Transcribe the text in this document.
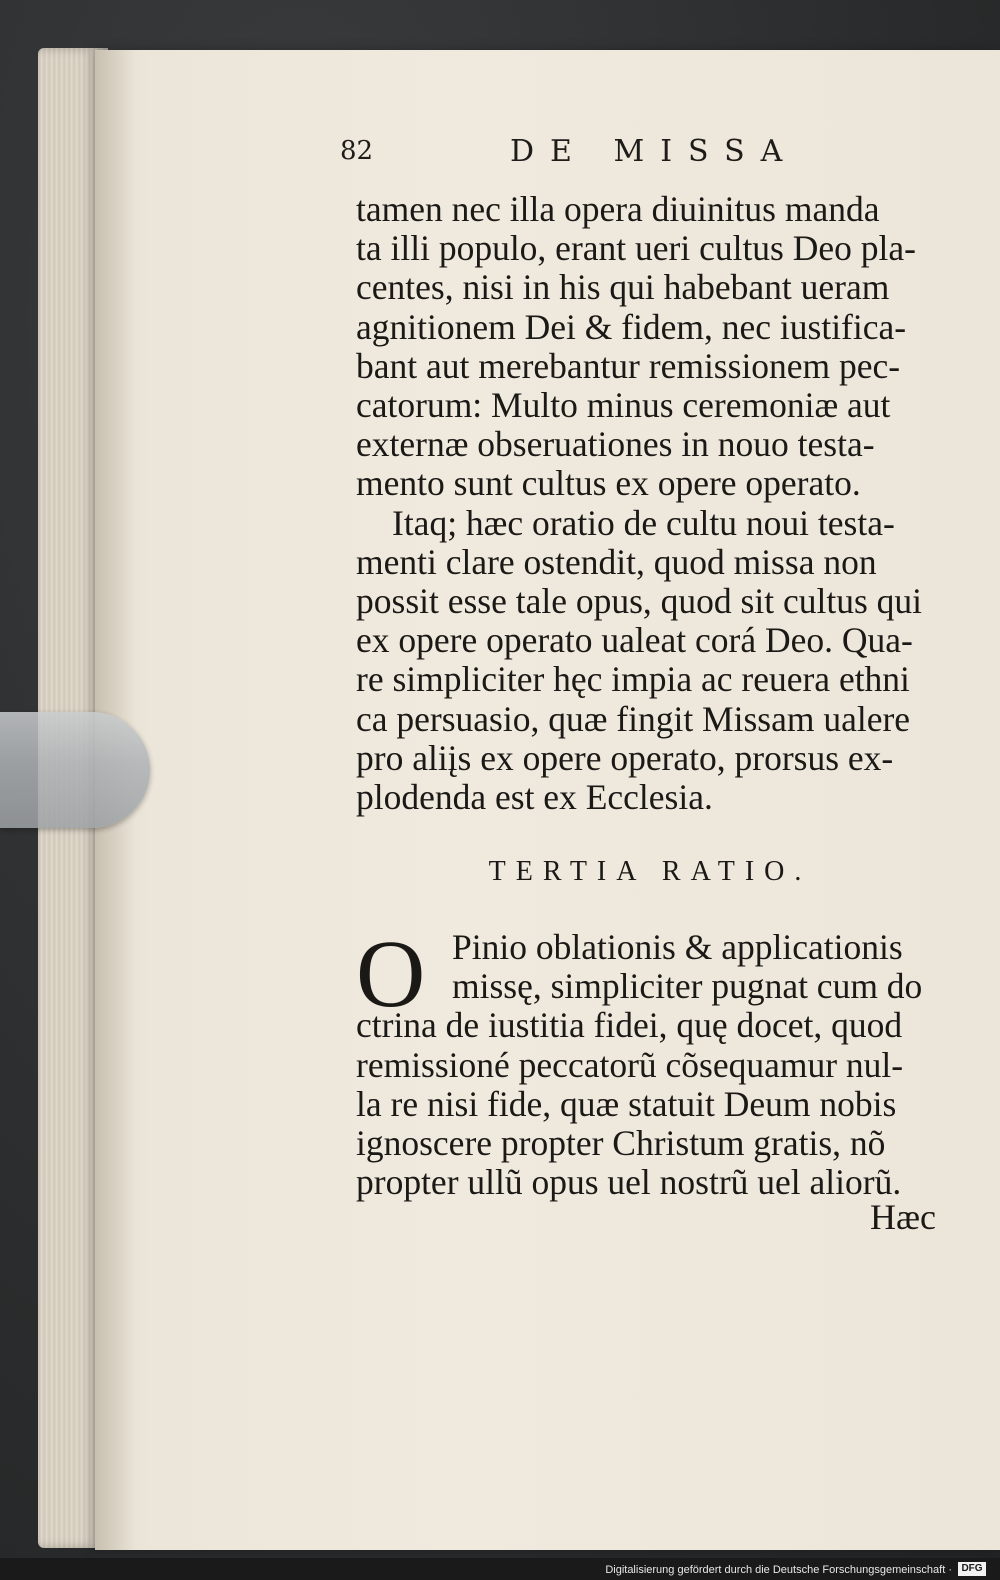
82	DE MISSA
tamen nec illa opera diuinitus manda
ta illi populo, erant ueri cultus Deo pla-
centes, nisi in his qui habebant ueram
agnitionem Dei & fidem, nec iustifica-
bant aut merebantur remissionem pec-
catorum: Multo minus ceremoniæ aut
externæ obseruationes in nouo testa-
mento sunt cultus ex opere operato.
Itaq; hæc oratio de cultu noui testa-
menti clare ostendit, quod missa non
possit esse tale opus, quod sit cultus qui
ex opere operato ualeat corá Deo. Qua-
re simpliciter hęc impia ac reuera ethni
ca persuasio, quæ fingit Missam ualere
pro aliįs ex opere operato, prorsus ex-
plodenda est ex Ecclesia.
TERTIA RATIO.
O Pinio oblationis & applicationis
missę, simpliciter pugnat cum do
ctrina de iustitia fidei, quę docet, quod
remissioné peccatorũ cõsequamur nul-
la re nisi fide, quæ statuit Deum nobis
ignoscere propter Christum gratis, nõ
propter ullũ opus uel nostrũ uel aliorũ.
Hæc
Digitalisierung gefördert durch die Deutsche Forschungsgemeinschaft · DFG
